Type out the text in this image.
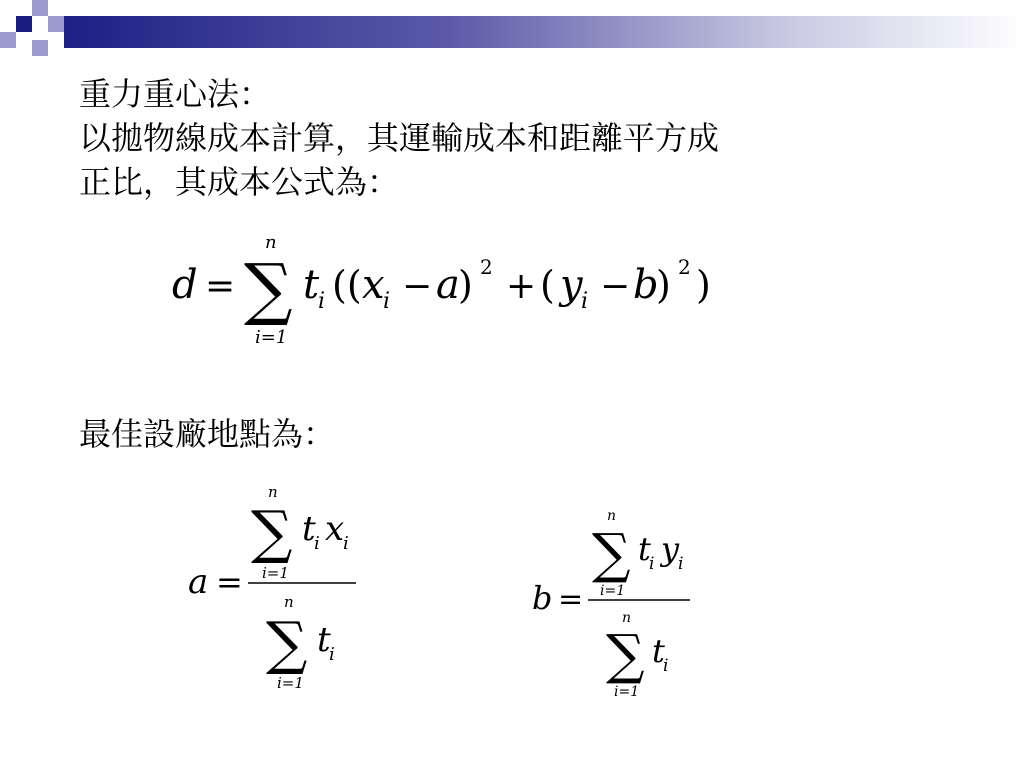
重力重心法：
以拋物線成本計算，其運輸成本和距離平方成
正比，其成本公式為：
最佳設廠地點為：
d =
n
∑
i=1
t
i (( x
i − a
) 2 + ( y
i − b
) 2 )
a =
n
∑
i=1
t
i x
i
n
∑
i=1
t
i
b =
n
∑
i=1
t
i y
i
n
∑
i=1
t
i
